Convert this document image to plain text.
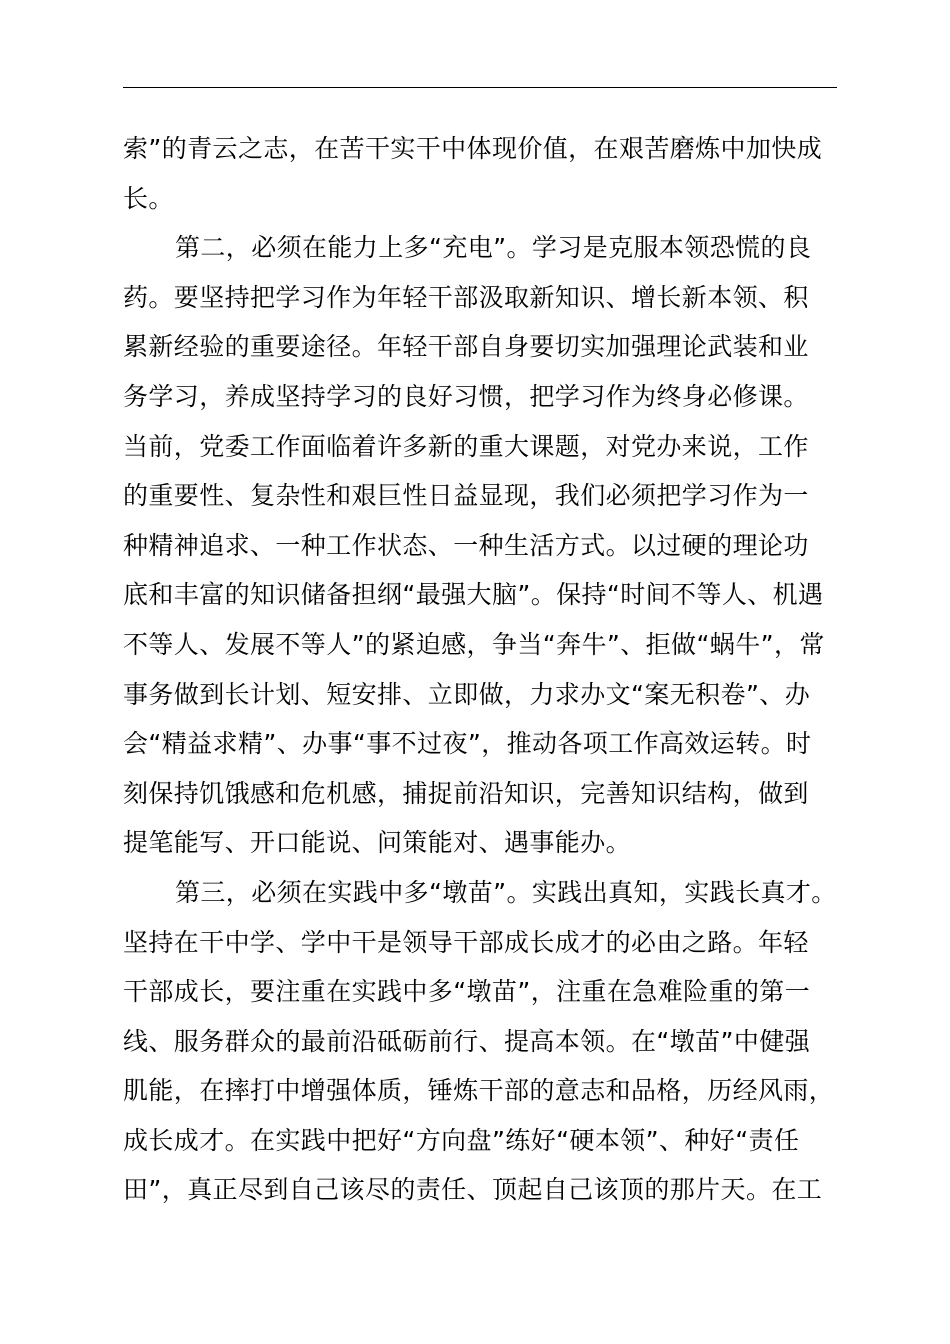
索”的青云之志，在苦干实干中体现价值，在艰苦磨炼中加快成
长。
第二，必须在能力上多“充电”。学习是克服本领恐慌的良
药。要坚持把学习作为年轻干部汲取新知识、增长新本领、积
累新经验的重要途径。年轻干部自身要切实加强理论武装和业
务学习，养成坚持学习的良好习惯，把学习作为终身必修课。
当前，党委工作面临着许多新的重大课题，对党办来说，工作
的重要性、复杂性和艰巨性日益显现，我们必须把学习作为一
种精神追求、一种工作状态、一种生活方式。以过硬的理论功
底和丰富的知识储备担纲“最强大脑”。保持“时间不等人、机遇
不等人、发展不等人”的紧迫感，争当“奔牛”、拒做“蜗牛”，常
事务做到长计划、短安排、立即做，力求办文“案无积卷”、办
会“精益求精”、办事“事不过夜”，推动各项工作高效运转。时
刻保持饥饿感和危机感，捕捉前沿知识，完善知识结构，做到
提笔能写、开口能说、问策能对、遇事能办。
第三，必须在实践中多“墩苗”。实践出真知，实践长真才。
坚持在干中学、学中干是领导干部成长成才的必由之路。年轻
干部成长，要注重在实践中多“墩苗”，注重在急难险重的第一
线、服务群众的最前沿砥砺前行、提高本领。在“墩苗”中健强
肌能，在摔打中增强体质，锤炼干部的意志和品格，历经风雨，
成长成才。在实践中把好“方向盘”练好“硬本领”、种好“责任
田”，真正尽到自己该尽的责任、顶起自己该顶的那片天。在工
